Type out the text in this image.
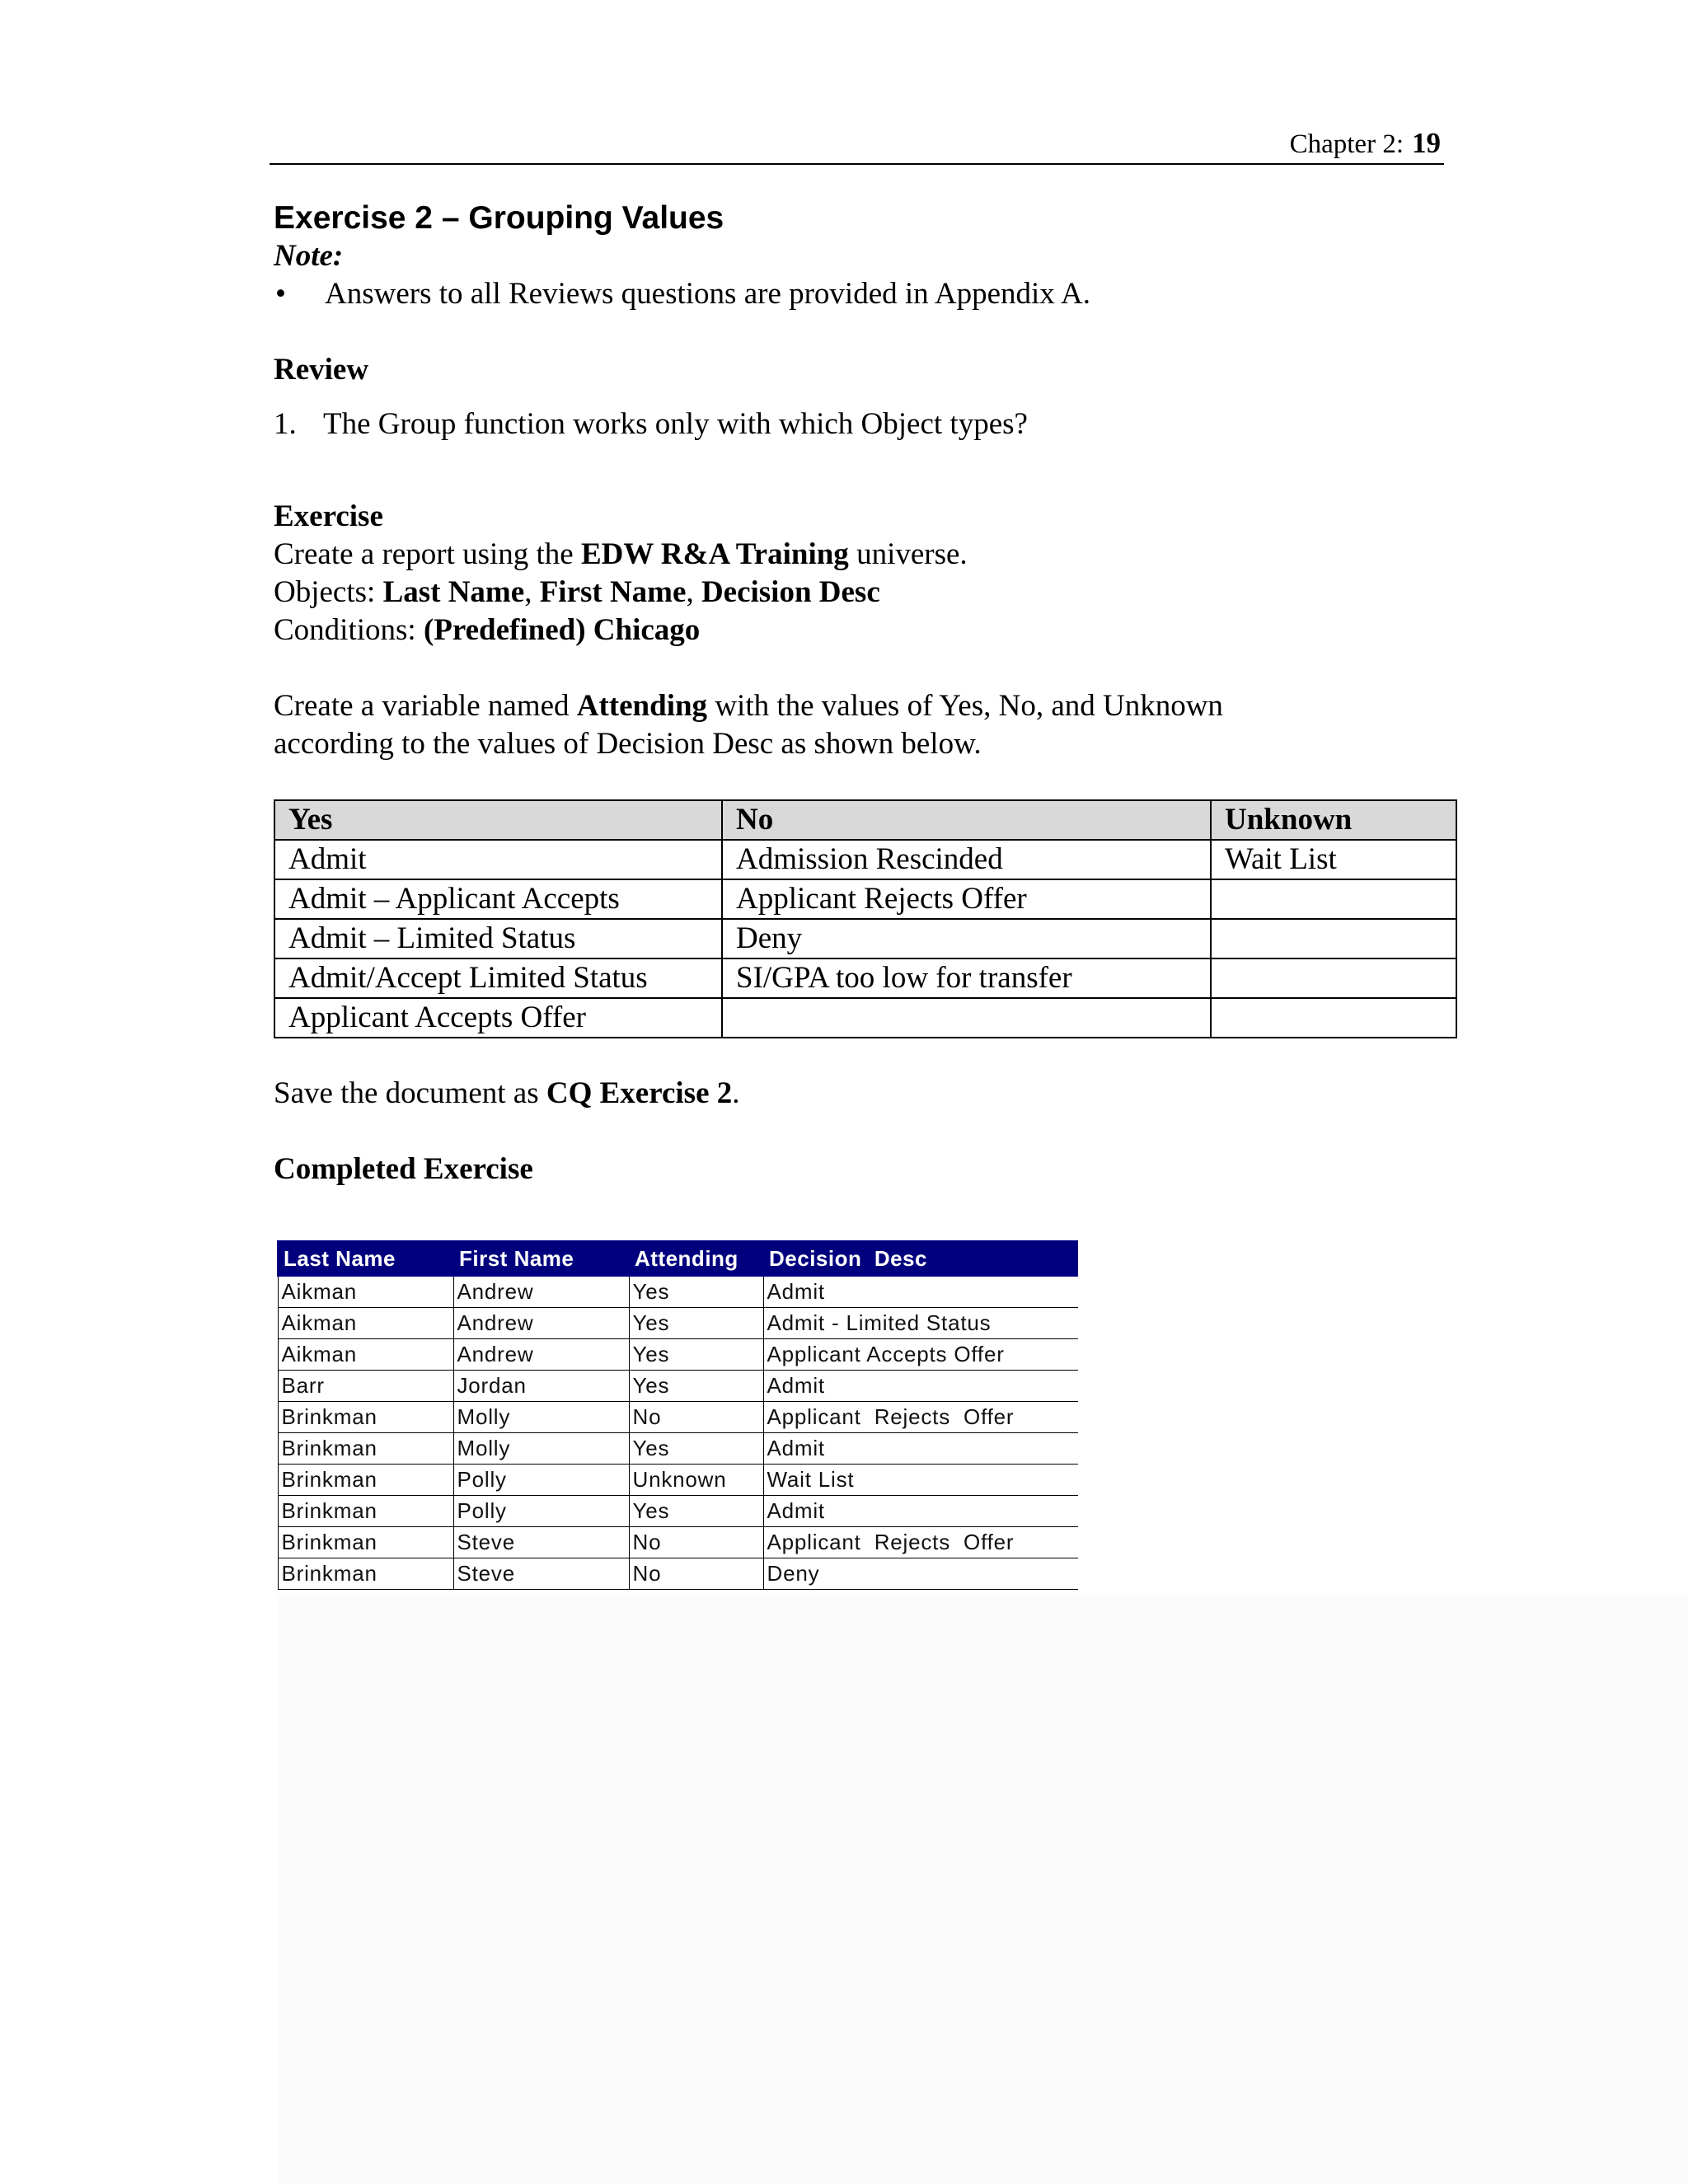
Chapter 2: 19
Exercise 2 – Grouping Values
Note:
•	Answers to all Reviews questions are provided in Appendix A.
Review
1. The Group function works only with which Object types?
Exercise
Create a report using the EDW R&A Training universe.
Objects: Last Name, First Name, Decision Desc
Conditions: (Predefined) Chicago
Create a variable named Attending with the values of Yes, No, and Unknown
according to the values of Decision Desc as shown below.
Yes	No	Unknown
Admit	Admission Rescinded	Wait List
Admit – Applicant Accepts	Applicant Rejects Offer	
Admit – Limited Status	Deny	
Admit/Accept Limited Status	SI/GPA too low for transfer	
Applicant Accepts Offer		
Save the document as CQ Exercise 2.
Completed Exercise
Last Name	First Name	Attending	Decision  Desc
Aikman	Andrew	Yes	Admit
Aikman	Andrew	Yes	Admit - Limited Status
Aikman	Andrew	Yes	Applicant Accepts Offer
Barr	Jordan	Yes	Admit
Brinkman	Molly	No	Applicant  Rejects  Offer
Brinkman	Molly	Yes	Admit
Brinkman	Polly	Unknown	Wait List
Brinkman	Polly	Yes	Admit
Brinkman	Steve	No	Applicant  Rejects  Offer
Brinkman	Steve	No	Deny
